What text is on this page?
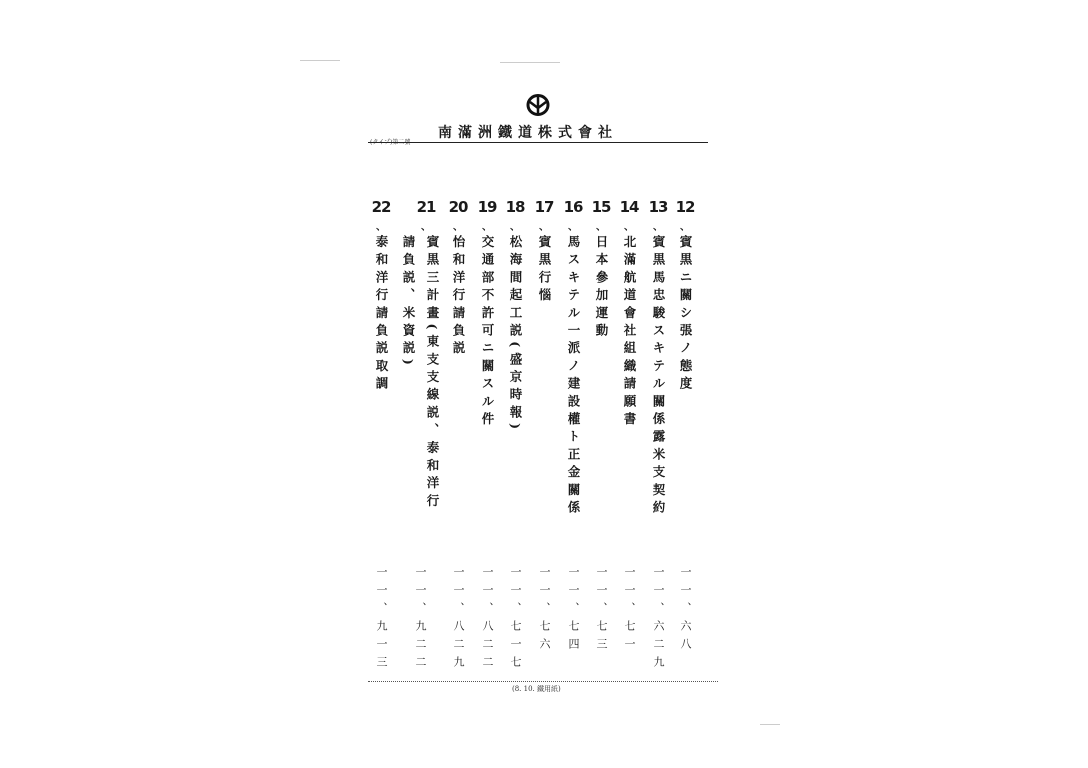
南滿洲鐵道株式會社
12
、
賓黒ニ關シ張ノ態度
一一、六八
13
、
賓黒馬忠駿スキテル關係露米支契約
一一、六二九
14
、
北滿航道會社組織請願書
一一、七一
15
、
日本參加運動
一一、七三
16
、
馬スキテル一派ノ建設權ト正金關係
一一、七四
17
、
賓黒行惱
一一、七六
18
、
松海間起工説(盛京時報)
一一、七一七
19
、
交通部不許可ニ關スル件
一一、八二二
20
、
怡和洋行請負説
一一、八二九
21
、
賓黒三計畫(東支支線説、泰和洋行
請負説、米資説)
一一、九二二
22
、
泰和洋行請負説取調
一一、九一三
(8. 10. 鐵用紙)
